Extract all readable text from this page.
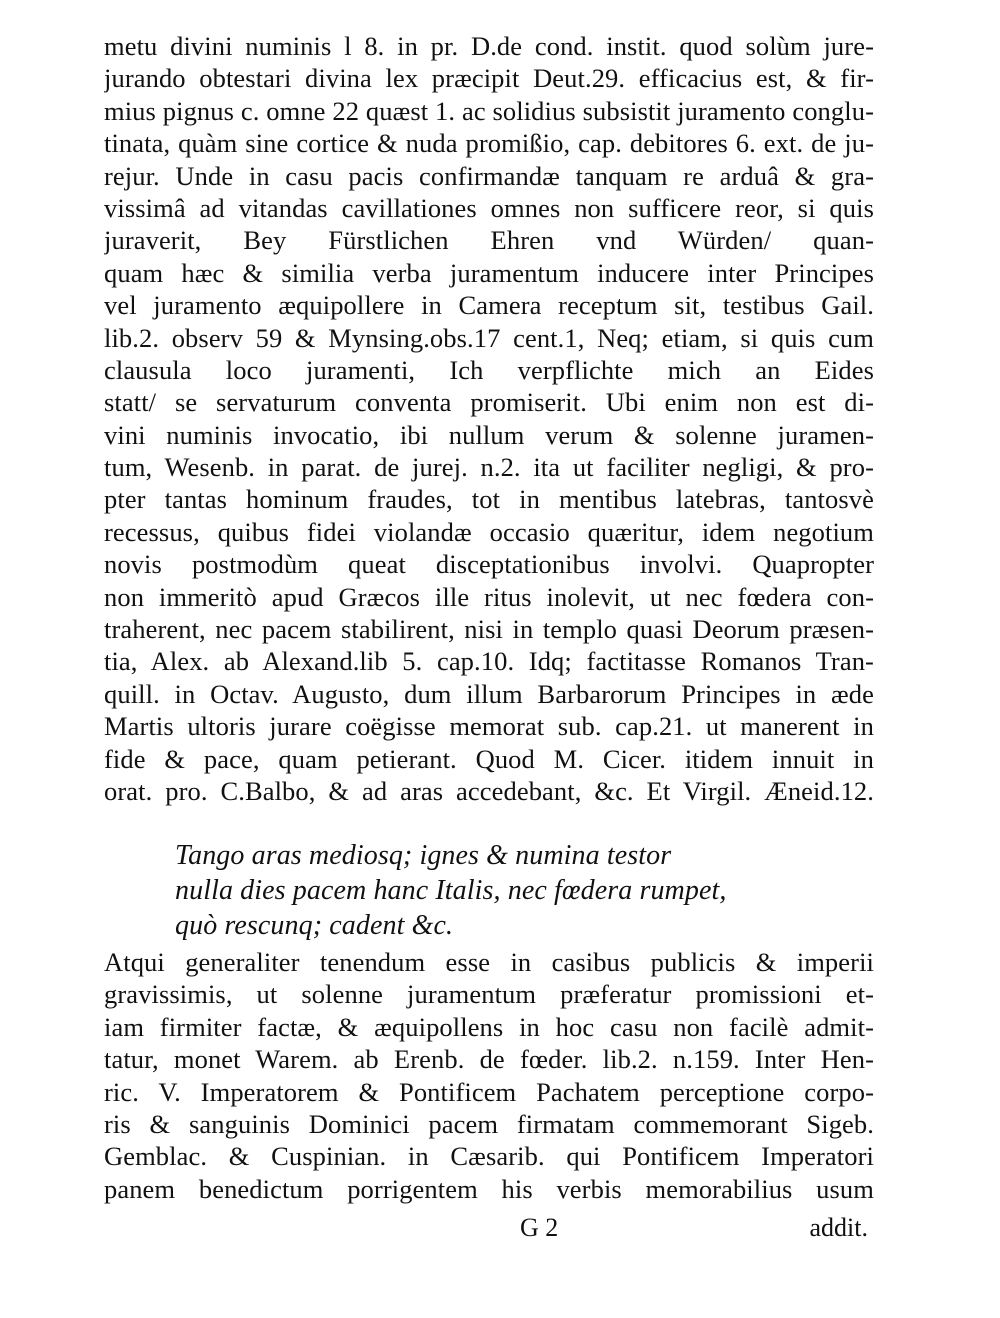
metu divini numinis l 8. in pr. D.de cond. instit. quod solùm jure-
jurando obtestari divina lex præcipit Deut.29. efficacius est, & fir-
mius pignus c. omne 22 quæst 1. ac solidius subsistit juramento conglu-
tinata, quàm sine cortice & nuda promißio, cap. debitores 6. ext. de ju-
rejur. Unde in casu pacis confirmandæ tanquam re arduâ & gra-
vissimâ ad vitandas cavillationes omnes non sufficere reor, si quis
juraverit, Bey Fürstlichen Ehren vnd Würden/ quan-
quam hæc & similia verba juramentum inducere inter Principes
vel juramento æquipollere in Camera receptum sit, testibus Gail.
lib.2. observ 59 & Mynsing.obs.17 cent.1, Neq; etiam, si quis cum
clausula loco juramenti, Ich verpflichte mich an Eides
statt/ se servaturum conventa promiserit. Ubi enim non est di-
vini numinis invocatio, ibi nullum verum & solenne juramen-
tum, Wesenb. in parat. de jurej. n.2. ita ut faciliter negligi, & pro-
pter tantas hominum fraudes, tot in mentibus latebras, tantosvè
recessus, quibus fidei violandæ occasio quæritur, idem negotium
novis postmodùm queat disceptationibus involvi. Quapropter
non immeritò apud Græcos ille ritus inolevit, ut nec fœdera con-
traherent, nec pacem stabilirent, nisi in templo quasi Deorum præsen-
tia, Alex. ab Alexand.lib 5. cap.10. Idq; factitasse Romanos Tran-
quill. in Octav. Augusto, dum illum Barbarorum Principes in æde
Martis ultoris jurare coëgisse memorat sub. cap.21. ut manerent in
fide & pace, quam petierant. Quod M. Cicer. itidem innuit in
orat. pro. C.Balbo, & ad aras accedebant, &c. Et Virgil. Æneid.12.
Tango aras mediosq; ignes & numina testor
nulla dies pacem hanc Italis, nec fœdera rumpet,
quò rescunq; cadent &c.
Atqui generaliter tenendum esse in casibus publicis & imperii
gravissimis, ut solenne juramentum præferatur promissioni et-
iam firmiter factæ, & æquipollens in hoc casu non facilè admit-
tatur, monet Warem. ab Erenb. de fœder. lib.2. n.159. Inter Hen-
ric. V. Imperatorem & Pontificem Pachatem perceptione corpo-
ris & sanguinis Dominici pacem firmatam commemorant Sigeb.
Gemblac. & Cuspinian. in Cæsarib. qui Pontificem Imperatori
panem benedictum porrigentem his verbis memorabilius usum
G 2	addit.
